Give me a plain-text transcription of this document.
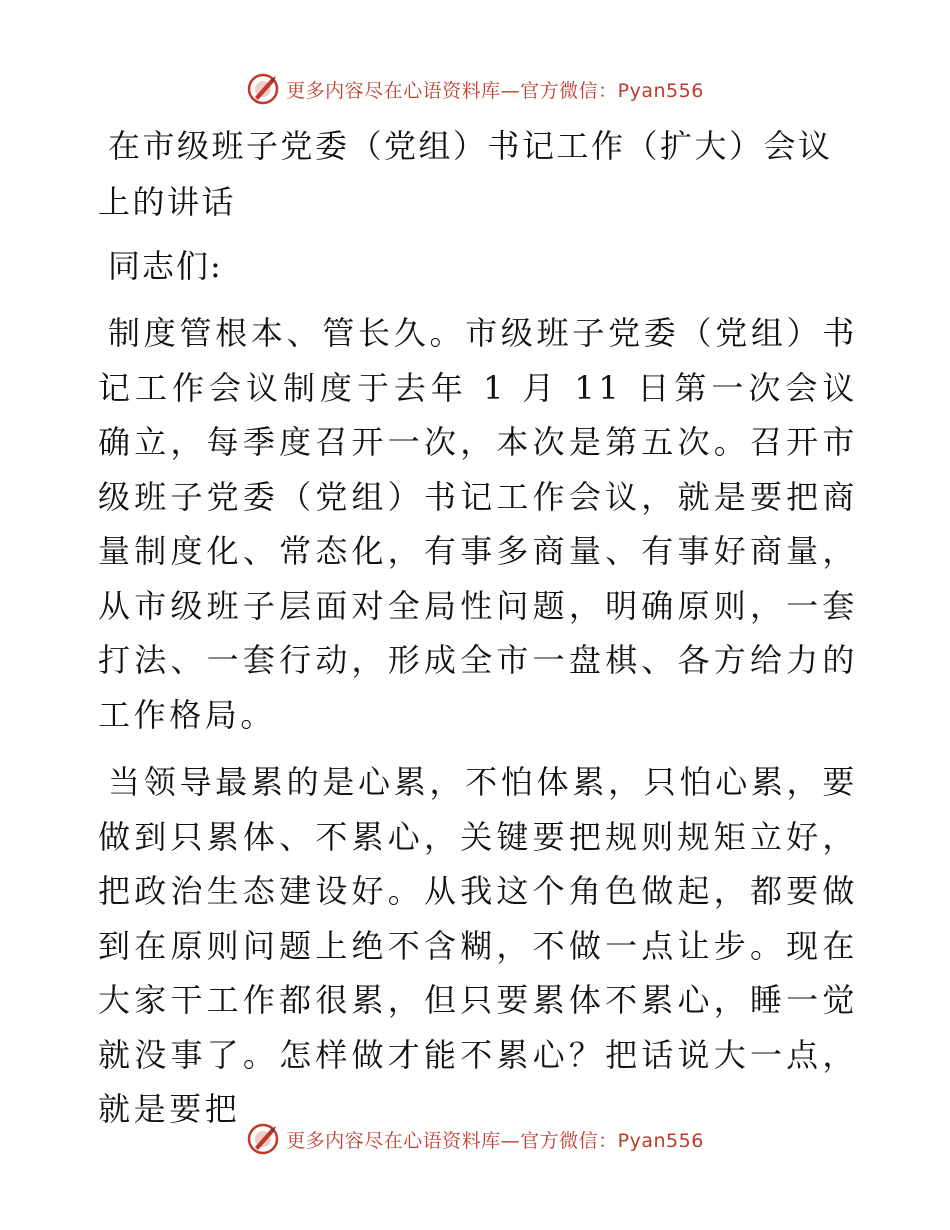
更多内容尽在心语资料库—官方微信：Pyan556
在市级班子党委（党组）书记工作（扩大）会议上的讲话

同志们:

制度管根本、管长久。市级班子党委（党组）书记工作会议制度于去年 1 月 11 日第一次会议确立，每季度召开一次，本次是第五次。召开市级班子党委（党组）书记工作会议，就是要把商量制度化、常态化，有事多商量、有事好商量，从市级班子层面对全局性问题，明确原则，一套打法、一套行动，形成全市一盘棋、各方给力的工作格局。

当领导最累的是心累，不怕体累，只怕心累，要做到只累体、不累心，关键要把规则规矩立好，把政治生态建设好。从我这个角色做起，都要做到在原则问题上绝不含糊，不做一点让步。现在大家干工作都很累，但只要累体不累心，睡一觉就没事了。怎样做才能不累心？把话说大一点，就是要把

更多内容尽在心语资料库—官方微信：Pyan556
